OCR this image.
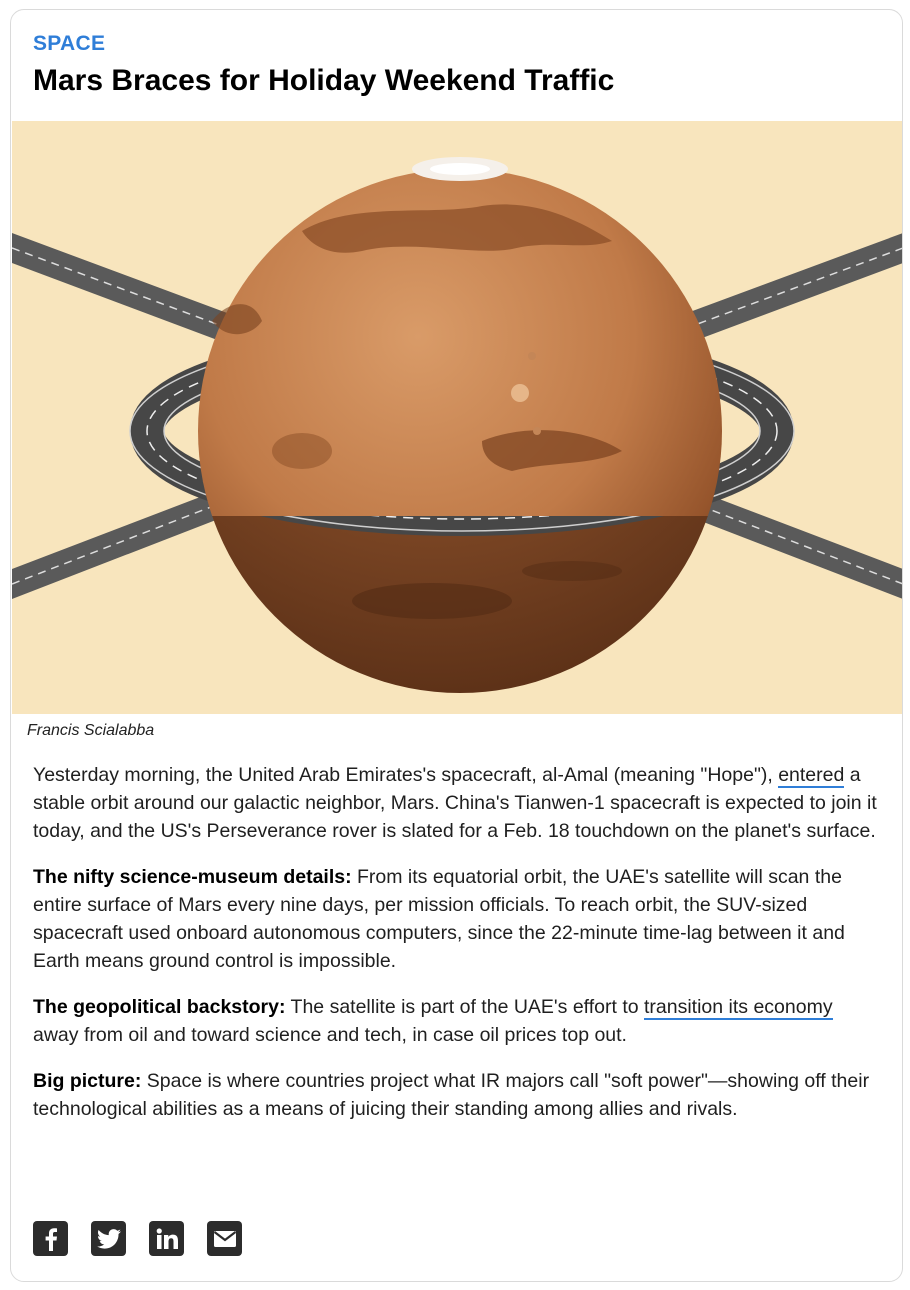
SPACE
Mars Braces for Holiday Weekend Traffic
Francis Scialabba

Yesterday morning, the United Arab Emirates's spacecraft, al-Amal (meaning "Hope"), entered a stable orbit around our galactic neighbor, Mars. China's Tianwen-1 spacecraft is expected to join it today, and the US's Perseverance rover is slated for a Feb. 18 touchdown on the planet's surface.

The nifty science-museum details: From its equatorial orbit, the UAE's satellite will scan the entire surface of Mars every nine days, per mission officials. To reach orbit, the SUV-sized spacecraft used onboard autonomous computers, since the 22-minute time-lag between it and Earth means ground control is impossible.

The geopolitical backstory: The satellite is part of the UAE's effort to transition its economy away from oil and toward science and tech, in case oil prices top out.

Big picture: Space is where countries project what IR majors call "soft power"—showing off their technological abilities as a means of juicing their standing among allies and rivals.
